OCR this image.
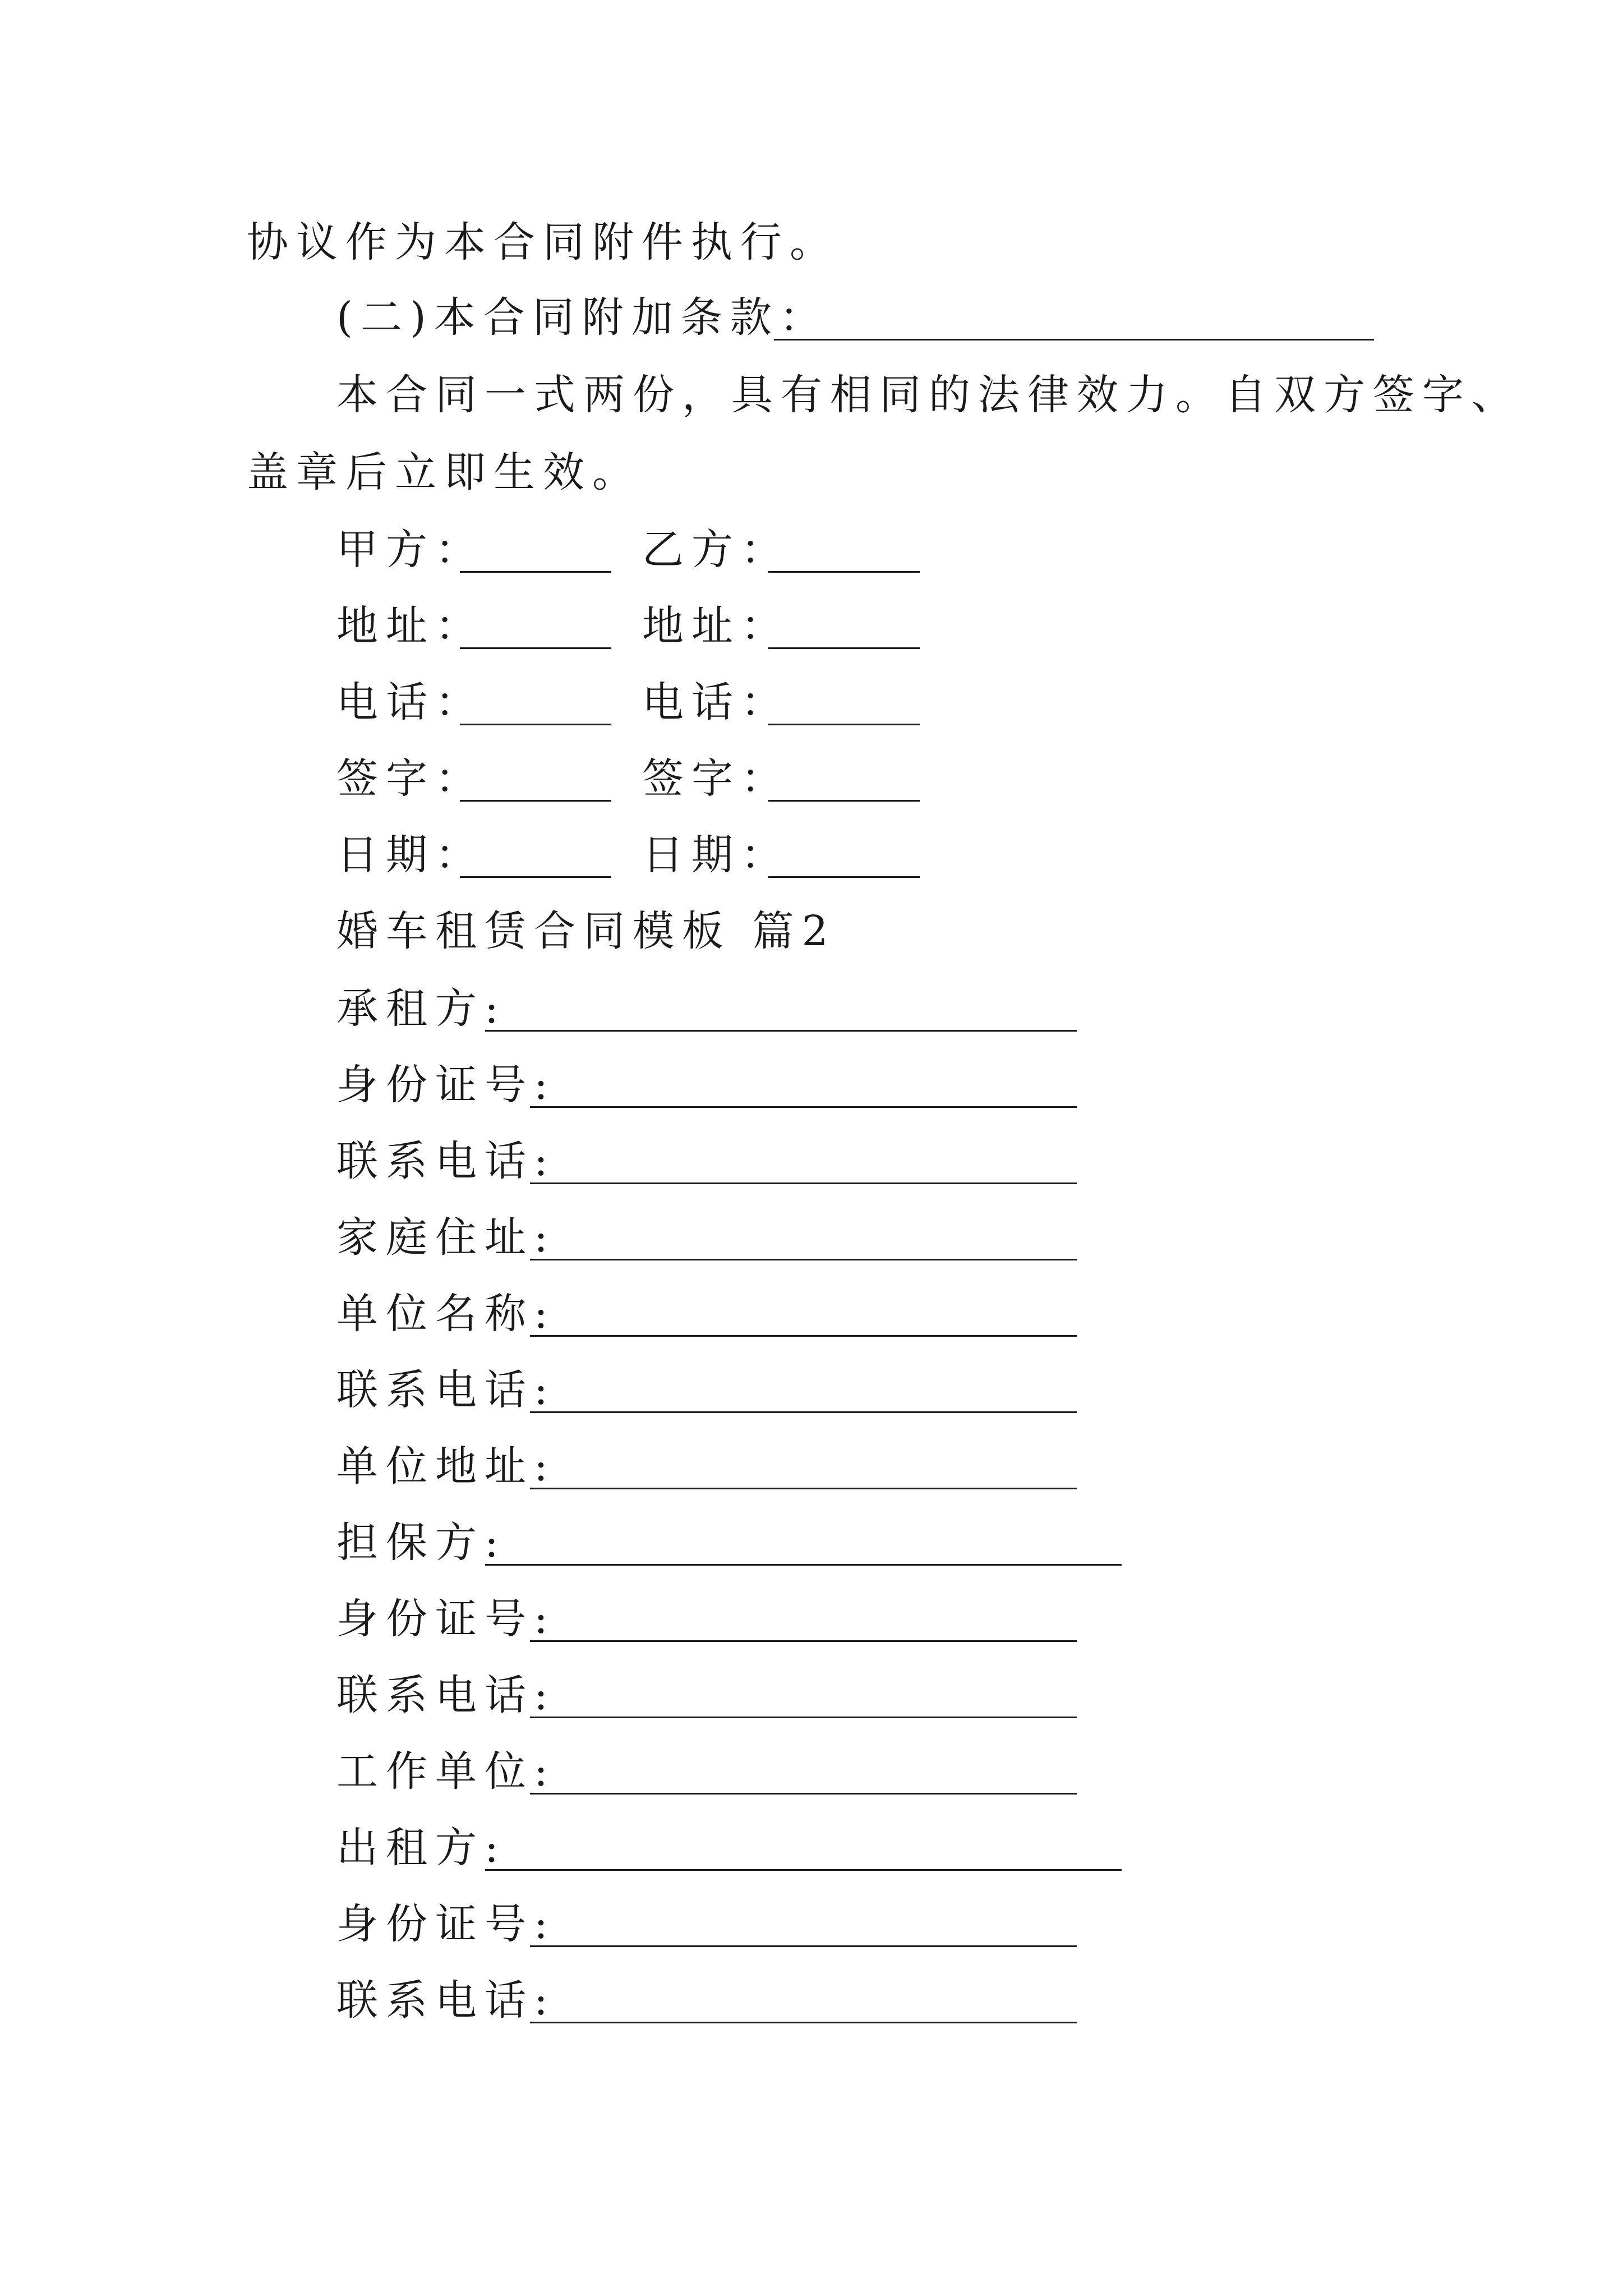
协议作为本合同附件执行。
(二)本合同附加条款：
本合同一式两份，具有相同的法律效力。自双方签字、
盖章后立即生效。
甲方：	乙方：
地址：	地址：
电话：	电话：
签字：	签字：
日期：	日期：
婚车租赁合同模板 篇2
承租方:
身份证号:
联系电话:
家庭住址:
单位名称:
联系电话:
单位地址:
担保方:
身份证号:
联系电话:
工作单位:
出租方:
身份证号:
联系电话:
